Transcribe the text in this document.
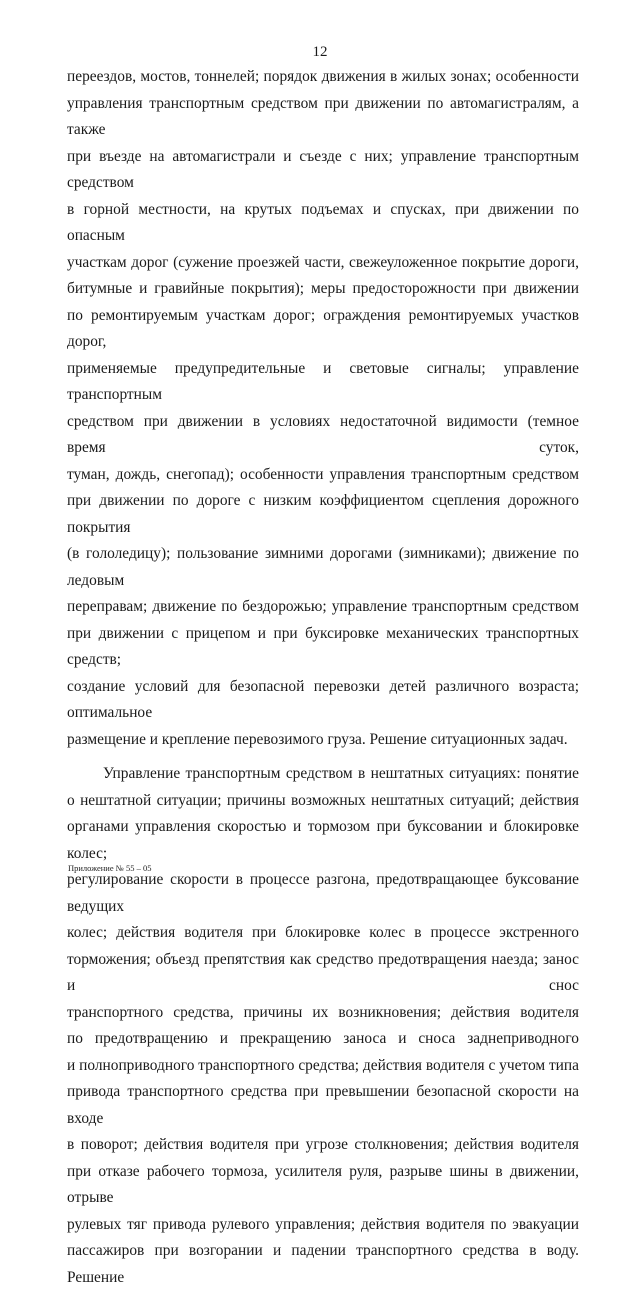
12

переездов, мостов, тоннелей; порядок движения в жилых зонах; особенности

управления транспортным средством при движении по автомагистралям, а также

при въезде на автомагистрали и съезде с них; управление транспортным средством

в горной местности, на крутых подъемах и спусках, при движении по опасным

участкам дорог (сужение проезжей части, свежеуложенное покрытие дороги,

битумные и гравийные покрытия); меры предосторожности при движении

по ремонтируемым участкам дорог; ограждения ремонтируемых участков дорог,

применяемые предупредительные и световые сигналы; управление транспортным

средством при движении в условиях недостаточной видимости (темное время суток,

туман, дождь, снегопад); особенности управления транспортным средством

при движении по дороге с низким коэффициентом сцепления дорожного покрытия

(в гололедицу); пользование зимними дорогами (зимниками); движение по ледовым

переправам; движение по бездорожью; управление транспортным средством

при движении с прицепом и при буксировке механических транспортных средств;

создание условий для безопасной перевозки детей различного возраста; оптимальное

размещение и крепление перевозимого груза. Решение ситуационных задач.

Управление транспортным средством в нештатных ситуациях: понятие

о нештатной ситуации; причины возможных нештатных ситуаций; действия

органами управления скоростью и тормозом при буксовании и блокировке колес;

регулирование скорости в процессе разгона, предотвращающее буксование ведущих

колес; действия водителя при блокировке колес в процессе экстренного

торможения; объезд препятствия как средство предотвращения наезда; занос и снос

транспортного средства, причины их возникновения; действия водителя

по предотвращению и прекращению заноса и сноса заднеприводного

и полноприводного транспортного средства; действия водителя с учетом типа

привода транспортного средства при превышении безопасной скорости на входе

в поворот; действия водителя при угрозе столкновения; действия водителя

при отказе рабочего тормоза, усилителя руля, разрыве шины в движении, отрыве

рулевых тяг привода рулевого управления; действия водителя по эвакуации

пассажиров при возгорании и падении транспортного средства в воду. Решение

Приложение № 55 – 05
